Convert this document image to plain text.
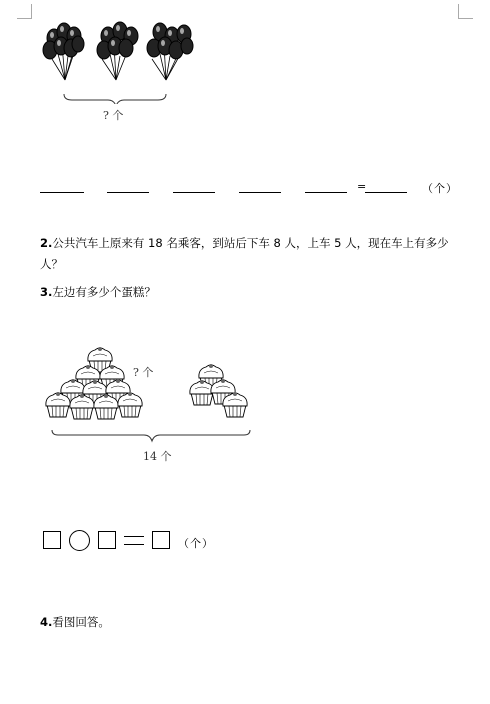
? 个
=	（个）
2.公共汽车上原来有 18 名乘客，到站后下车 8 人，上车 5 人，现在车上有多少人？
3.左边有多少个蛋糕？
? 个
14 个
（个）
4.看图回答。
